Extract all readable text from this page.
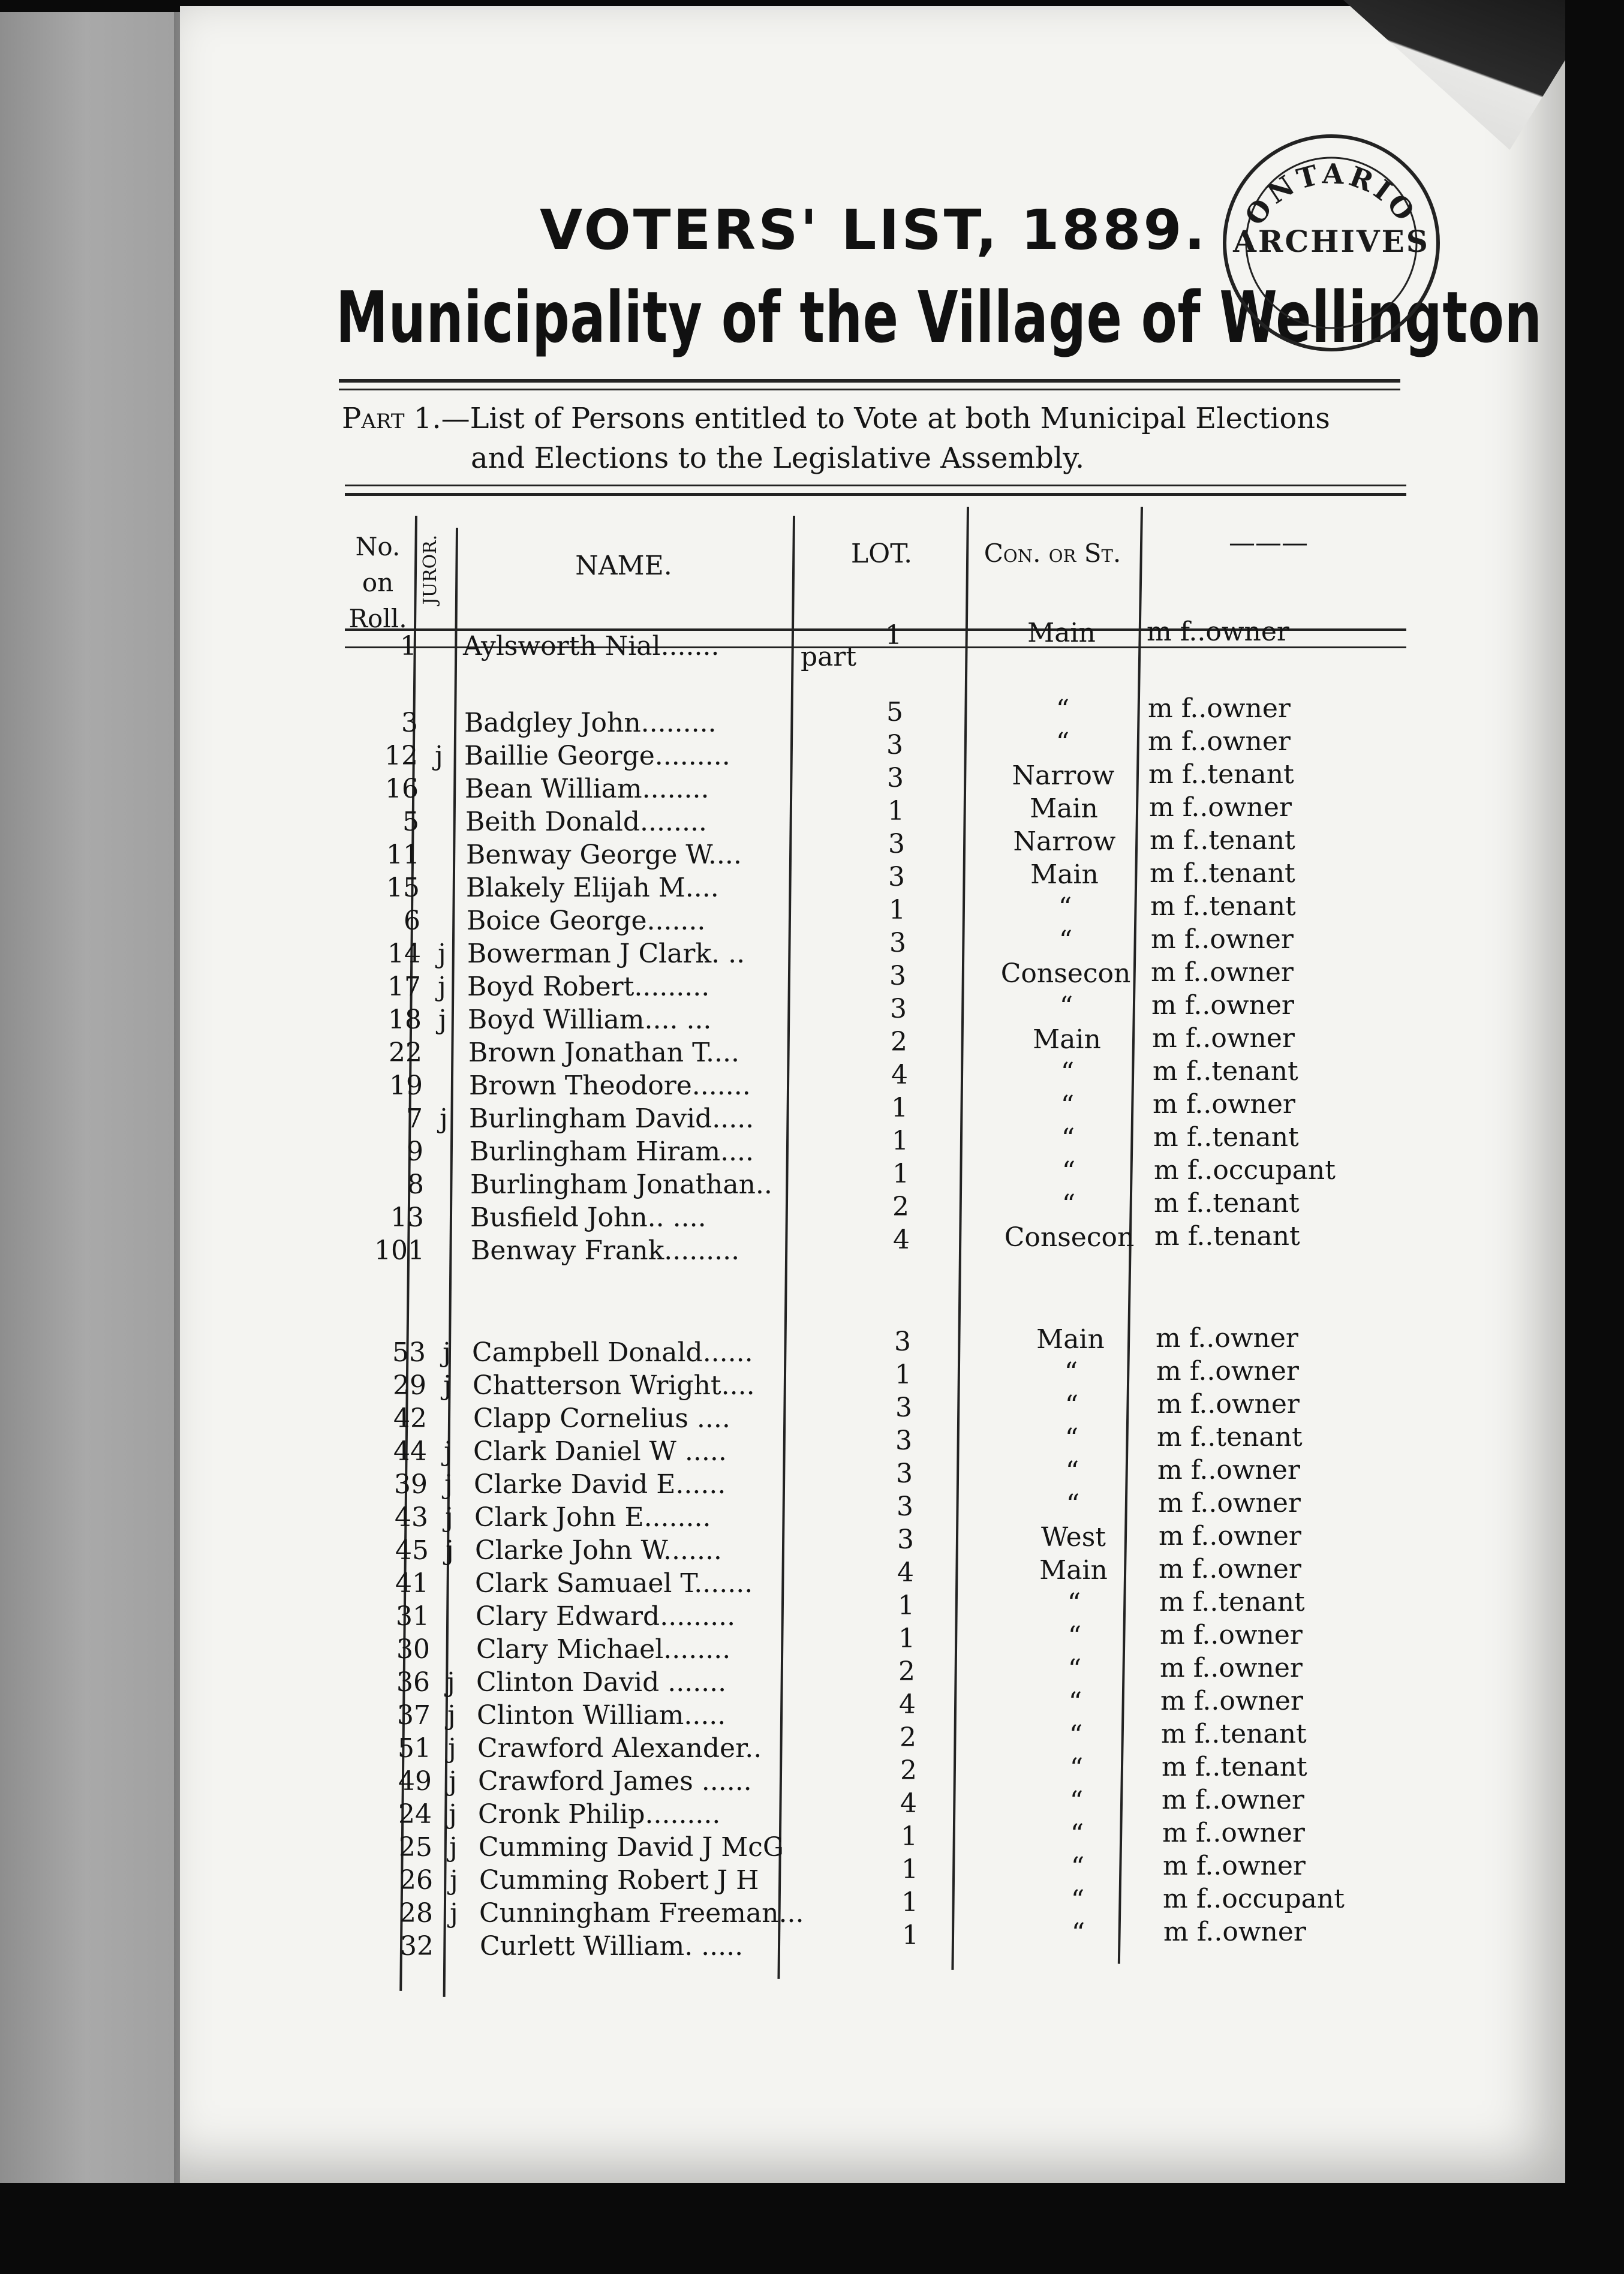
VOTERS' LIST, 1889.
Municipality of the Village of Wellington
ONTARIO
ARCHIVES
Part 1.—List of Persons entitled to Vote at both Municipal Elections
and Elections to the Legislative Assembly.
No.
on
Roll.
JUROR.	NAME.	LOT.	Con. or St.	———
part
1 Aylsworth Nial.......	1	Main	m f..owner
3 Badgley John.........	5	“	m f..owner
12 j Baillie George.........	3	“	m f..owner
16 Bean William........	3	Narrow	m f..tenant
5 Beith Donald........	1	Main	m f..owner
11 Benway George W....	3	Narrow	m f..tenant
15 Blakely Elijah M....	3	Main	m f..tenant
6 Boice George.......	1	“	m f..tenant
14 j Bowerman J Clark. ..	3	“	m f..owner
17 j Boyd Robert.........	3	Consecon m f..owner
18 j Boyd William.... ...	3	“	m f..owner
22 Brown Jonathan T....	2	Main	m f..owner
19 Brown Theodore.......	4	“	m f..tenant
7 j Burlingham David.....	1	“	m f..owner
9 Burlingham Hiram....	1	“	m f..tenant
8 Burlingham Jonathan..	1	“	m f..occupant
13 Busfield John.. ....	2	“	m f..tenant
101 Benway Frank.........	4	Consecon m f..tenant
53 j Campbell Donald......	3	Main	m f..owner
29 j Chatterson Wright....	1	“	m f..owner
42 Clapp Cornelius ....	3	“	m f..owner
44 j Clark Daniel W .....	3	“	m f..tenant
39 j Clarke David E......	3	“	m f..owner
43 j Clark John E........	3	“	m f..owner
45 j Clarke John W.......	3	West	m f..owner
41 Clark Samuael T.......	4	Main	m f..owner
31 Clary Edward.........	1	“	m f..tenant
30 Clary Michael........	1	“	m f..owner
36 j Clinton David .......	2	“	m f..owner
37 j Clinton William.....	4	“	m f..owner
51 j Crawford Alexander..	2	“	m f..tenant
49 j Crawford James ......	2	“	m f..tenant
24 j Cronk Philip.........	4	“	m f..owner
25 j Cumming David J McG	1	“	m f..owner
26 j Cumming Robert J H	1	“	m f..owner
28 j Cunningham Freeman...	1	“	m f..occupant
32 Curlett William. .....	1	“	m f..owner
